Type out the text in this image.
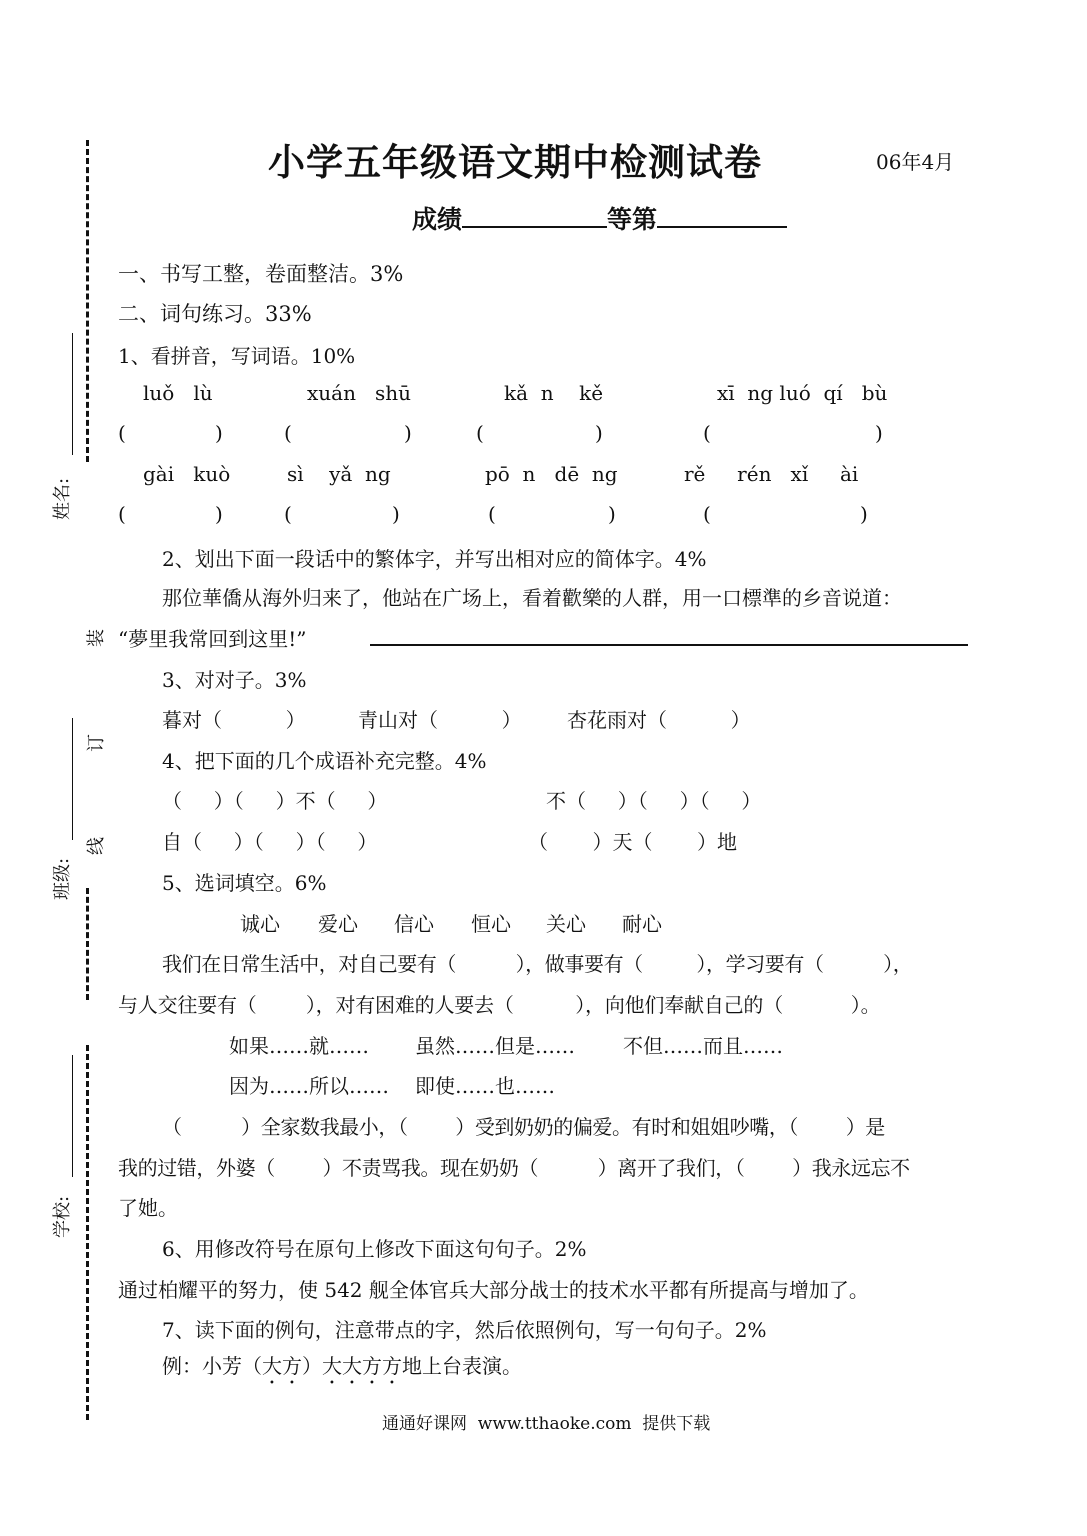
姓名:
班级:
学校:
装
订
线
小学五年级语文期中检测试卷	06年4月
成绩	等第
一、书写工整，卷面整洁。3%
二、词句练习。33%
1、看拼音，写词语。10%
luǒ   lù	xuán   shū	kǎ  n    kě	xī  ng luó  qí   bù
(	)	(	)	(	)	(	)
gài   kuò	sì    yǎ  ng	pō  n   dē  ng	rě     rén   xǐ     ài
(	)	(	)	(	)	(	)
2、划出下面一段话中的繁体字，并写出相对应的简体字。4%
那位華僑从海外归来了，他站在广场上，看着歡樂的人群，用一口標準的乡音说道：
“夢里我常回到这里!”
3、对对子。3%
暮对（          ）	青山对（          ） 杏花雨对（          ）
4、把下面的几个成语补充完整。4%
（     ）（     ）不（     ）	不（     ）（     ）（     ）
自（     ）（     ）（     ）	（       ）天（       ）地
5、选词填空。6%
诚心 爱心 信心 恒心 关心 耐心
我们在日常生活中，对自己要有（          ），做事要有（         ），学习要有（          ），
与人交往要有（        ），对有困难的人要去（          ），向他们奉献自己的（           ）。
如果……就…… 虽然……但是…… 不但……而且……
因为……所以…… 即使……也……
（          ）全家数我最小，（        ）受到奶奶的偏爱。有时和姐姐吵嘴，（        ）是
我的过错，外婆（        ）不责骂我。现在奶奶（          ）离开了我们，（        ）我永远忘不
了她。
6、用修改符号在原句上修改下面这句句子。2%
通过柏耀平的努力，使 542 舰全体官兵大部分战士的技术水平都有所提高与增加了。
7、读下面的例句，注意带点的字，然后依照例句，写一句句子。2%
例：小芳（大方）大大方方地上台表演。
通通好课网  www.tthaoke.com  提供下载
